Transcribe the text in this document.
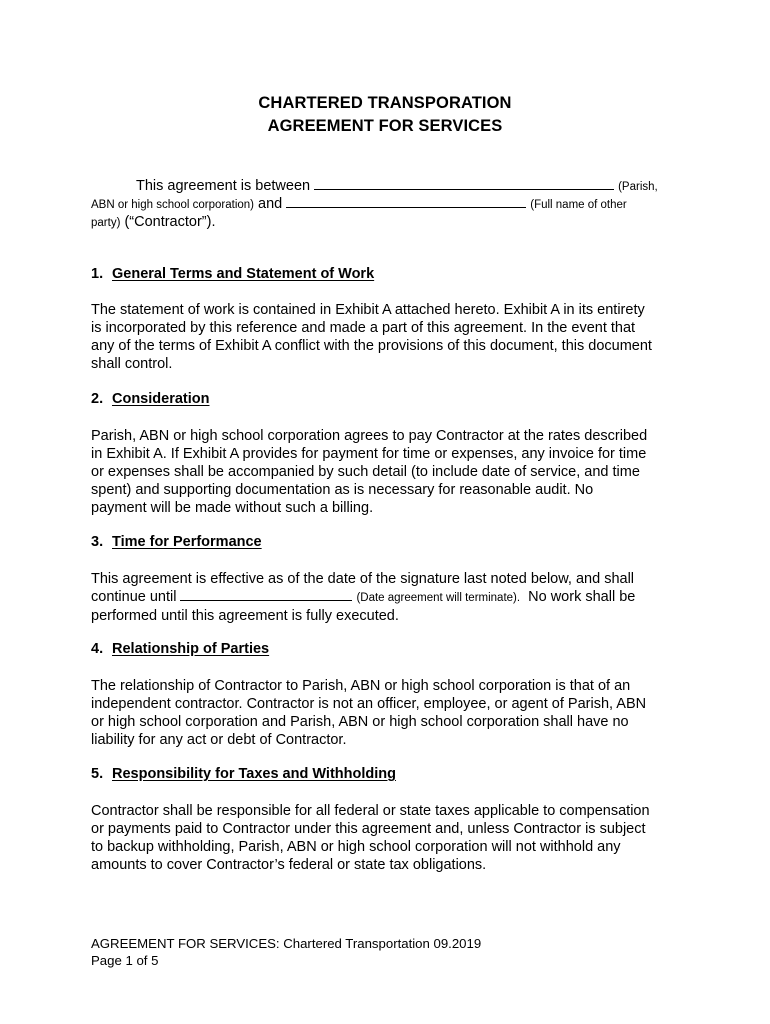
CHARTERED TRANSPORATION
AGREEMENT FOR SERVICES
This agreement is between	(Parish,
ABN or high school corporation) and	(Full name of other
party) (“Contractor”).
1. General Terms and Statement of Work
The statement of work is contained in Exhibit A attached hereto. Exhibit A in its entirety
is incorporated by this reference and made a part of this agreement. In the event that
any of the terms of Exhibit A conflict with the provisions of this document, this document
shall control.
2. Consideration
Parish, ABN or high school corporation agrees to pay Contractor at the rates described
in Exhibit A. If Exhibit A provides for payment for time or expenses, any invoice for time
or expenses shall be accompanied by such detail (to include date of service, and time
spent) and supporting documentation as is necessary for reasonable audit. No
payment will be made without such a billing.
3. Time for Performance
This agreement is effective as of the date of the signature last noted below, and shall
continue until	(Date agreement will terminate). No work shall be
performed until this agreement is fully executed.
4. Relationship of Parties
The relationship of Contractor to Parish, ABN or high school corporation is that of an
independent contractor. Contractor is not an officer, employee, or agent of Parish, ABN
or high school corporation and Parish, ABN or high school corporation shall have no
liability for any act or debt of Contractor.
5. Responsibility for Taxes and Withholding
Contractor shall be responsible for all federal or state taxes applicable to compensation
or payments paid to Contractor under this agreement and, unless Contractor is subject
to backup withholding, Parish, ABN or high school corporation will not withhold any
amounts to cover Contractor’s federal or state tax obligations.
AGREEMENT FOR SERVICES: Chartered Transportation 09.2019
Page 1 of 5
